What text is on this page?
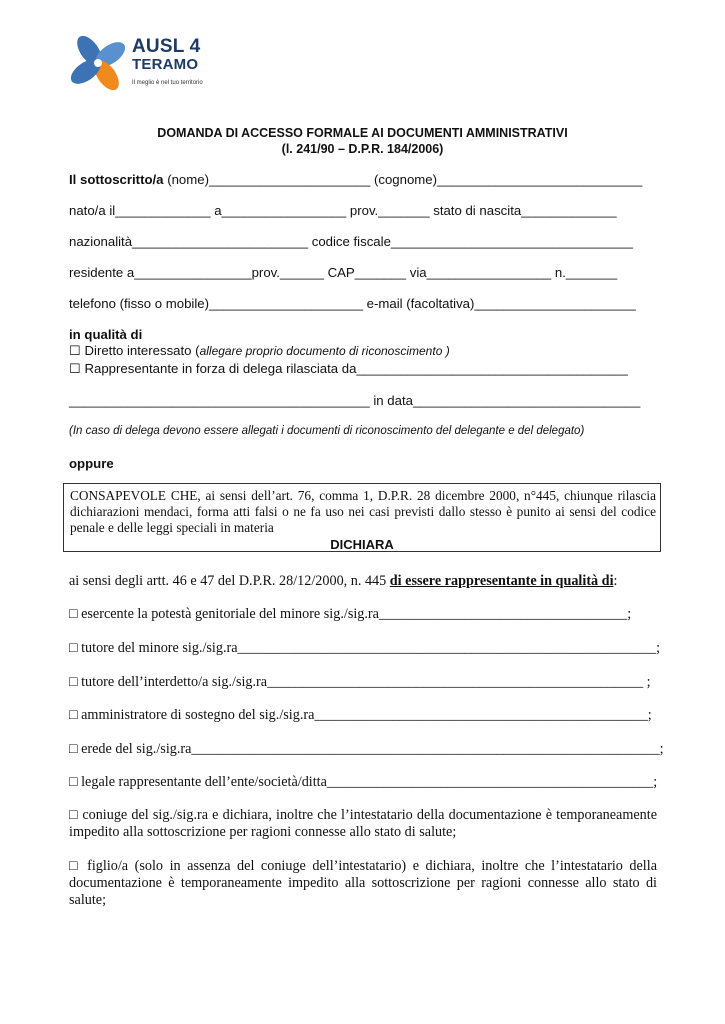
AUSL 4
TERAMO
Il meglio è nel tuo territorio
DOMANDA DI ACCESSO FORMALE AI DOCUMENTI AMMINISTRATIVI
(l. 241/90 – D.P.R. 184/2006)
Il sottoscritto/a (nome)______________________ (cognome)____________________________
nato/a il_____________ a_________________ prov._______ stato di nascita_____________
nazionalità________________________ codice fiscale_________________________________
residente a________________prov.______ CAP_______ via_________________ n._______
telefono (fisso o mobile)_____________________ e-mail (facoltativa)______________________
in qualità di
☐ Diretto interessato (allegare proprio documento di riconoscimento )
☐ Rappresentante in forza di delega rilasciata da_____________________________________
_________________________________________ in data_______________________________
(In caso di delega devono essere allegati i documenti di riconoscimento del delegante e del delegato)
oppure
CONSAPEVOLE CHE, ai sensi dell’art. 76, comma 1, D.P.R. 28 dicembre 2000, n°445, chiunque rilascia dichiarazioni mendaci, forma atti falsi o ne fa uso nei casi previsti dallo stesso è punito ai sensi del codice penale e delle leggi speciali in materia
DICHIARA
ai sensi degli artt. 46 e 47 del D.P.R. 28/12/2000, n. 445 di essere rappresentante in qualità di:
□ esercente la potestà genitoriale del minore sig./sig.ra___________________________________;
□ tutore del minore sig./sig.ra___________________________________________________________;
□ tutore dell’interdetto/a sig./sig.ra_____________________________________________________ ;
□ amministratore di sostegno del sig./sig.ra_______________________________________________;
□ erede del sig./sig.ra__________________________________________________________________;
□ legale rappresentante dell’ente/società/ditta______________________________________________;
□ coniuge del sig./sig.ra e dichiara, inoltre che l’intestatario della documentazione è temporaneamente impedito alla sottoscrizione per ragioni connesse allo stato di salute;
□ figlio/a (solo in assenza del coniuge dell’intestatario) e dichiara, inoltre che l’intestatario della documentazione è temporaneamente impedito alla sottoscrizione per ragioni connesse allo stato di salute;
